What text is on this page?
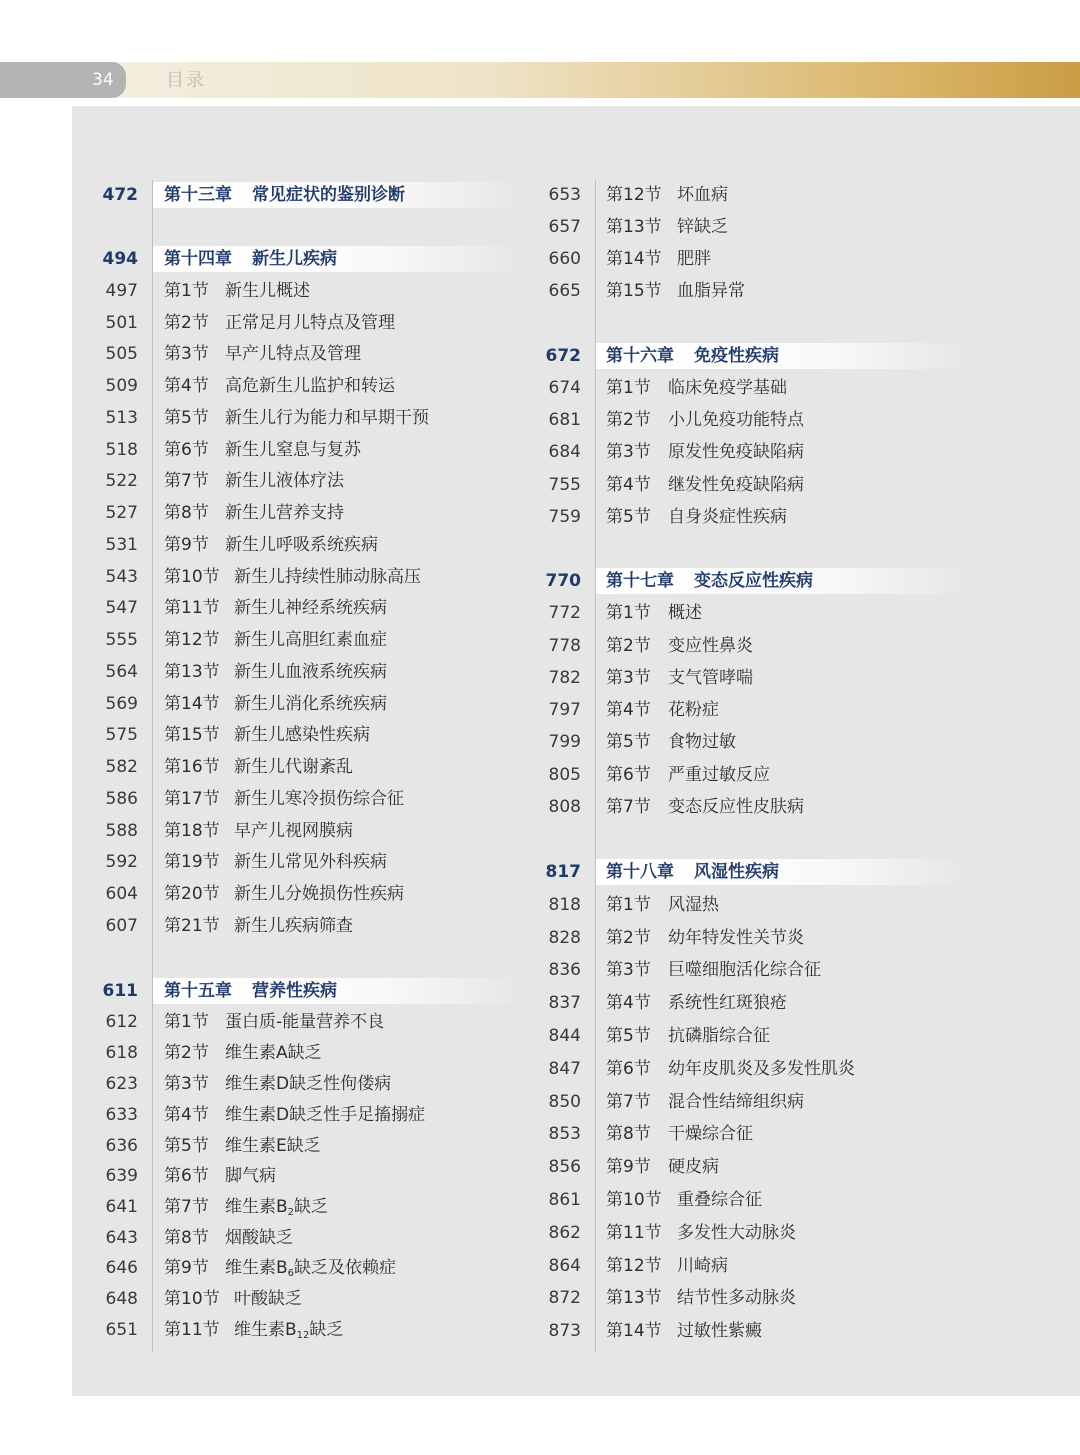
34	目录
472 第十三章 常见症状的鉴别诊断
494 第十四章 新生儿疾病
497 第1节 新生儿概述
501 第2节 正常足月儿特点及管理
505 第3节 早产儿特点及管理
509 第4节 高危新生儿监护和转运
513 第5节 新生儿行为能力和早期干预
518 第6节 新生儿窒息与复苏
522 第7节 新生儿液体疗法
527 第8节 新生儿营养支持
531 第9节 新生儿呼吸系统疾病
543 第10节 新生儿持续性肺动脉高压
547 第11节 新生儿神经系统疾病
555 第12节 新生儿高胆红素血症
564 第13节 新生儿血液系统疾病
569 第14节 新生儿消化系统疾病
575 第15节 新生儿感染性疾病
582 第16节 新生儿代谢紊乱
586 第17节 新生儿寒冷损伤综合征
588 第18节 早产儿视网膜病
592 第19节 新生儿常见外科疾病
604 第20节 新生儿分娩损伤性疾病
607 第21节 新生儿疾病筛查
611 第十五章 营养性疾病
612 第1节 蛋白质-能量营养不良
618 第2节 维生素A缺乏
623 第3节 维生素D缺乏性佝偻病
633 第4节 维生素D缺乏性手足搐搦症
636 第5节 维生素E缺乏
639 第6节 脚气病
641 第7节 维生素$B_2$缺乏
643 第8节 烟酸缺乏
646 第9节 维生素$B_6$缺乏及依赖症
648 第10节 叶酸缺乏
651 第11节 维生素$B_{12}$缺乏
653 第12节 坏血病
657 第13节 锌缺乏
660 第14节 肥胖
665 第15节 血脂异常
672 第十六章 免疫性疾病
674 第1节 临床免疫学基础
681 第2节 小儿免疫功能特点
684 第3节 原发性免疫缺陷病
755 第4节 继发性免疫缺陷病
759 第5节 自身炎症性疾病
770 第十七章 变态反应性疾病
772 第1节 概述
778 第2节 变应性鼻炎
782 第3节 支气管哮喘
797 第4节 花粉症
799 第5节 食物过敏
805 第6节 严重过敏反应
808 第7节 变态反应性皮肤病
817 第十八章 风湿性疾病
818 第1节 风湿热
828 第2节 幼年特发性关节炎
836 第3节 巨噬细胞活化综合征
837 第4节 系统性红斑狼疮
844 第5节 抗磷脂综合征
847 第6节 幼年皮肌炎及多发性肌炎
850 第7节 混合性结缔组织病
853 第8节 干燥综合征
856 第9节 硬皮病
861 第10节 重叠综合征
862 第11节 多发性大动脉炎
864 第12节 川崎病
872 第13节 结节性多动脉炎
873 第14节 过敏性紫癜
